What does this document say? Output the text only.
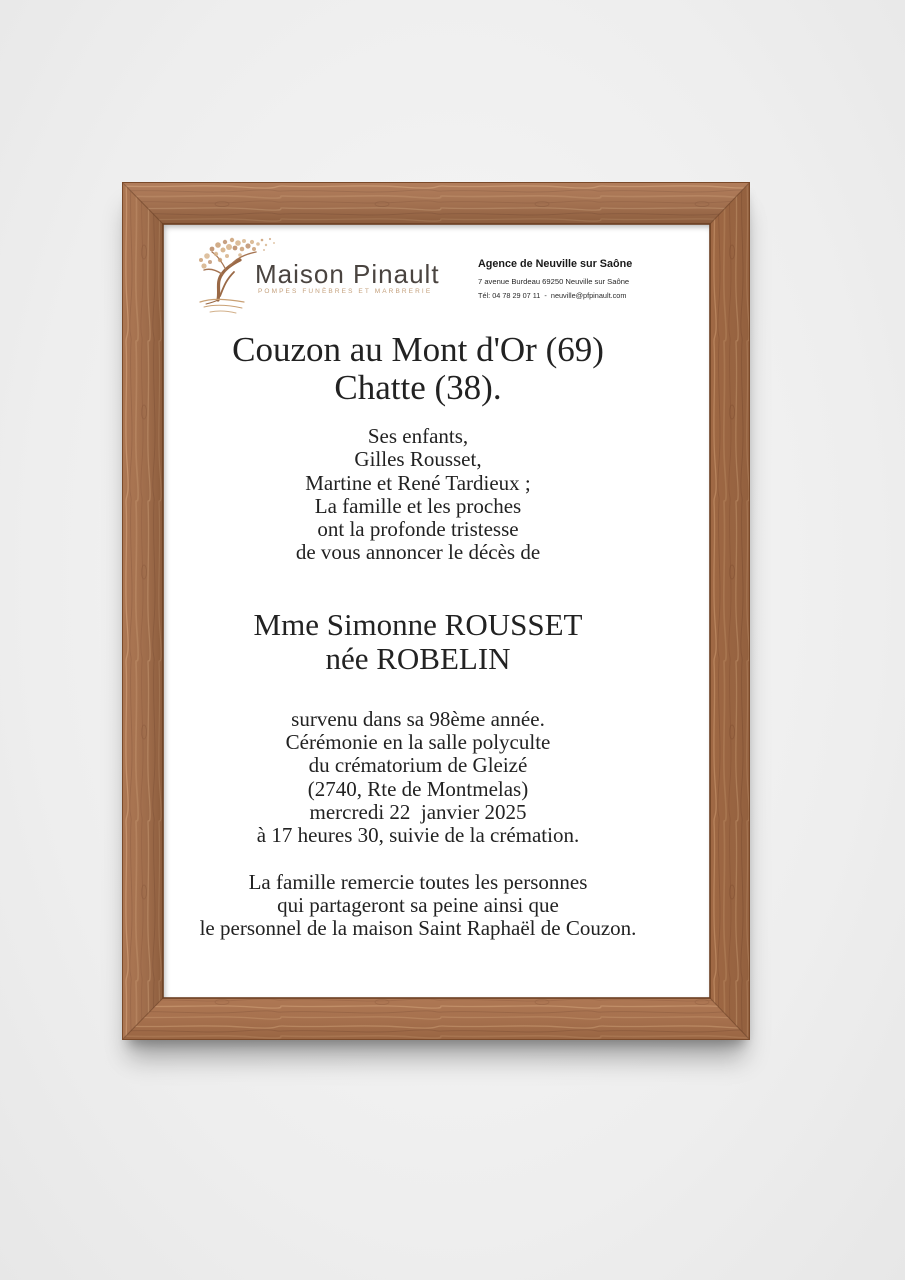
Maison Pinault
POMPES FUNÈBRES ET MARBRERIE
Agence de Neuville sur Saône
7 avenue Burdeau 69250 Neuville sur Saône
Tél: 04 78 29 07 11  -  neuville@pfpinault.com
Couzon au Mont d'Or (69)
Chatte (38).
Ses enfants,
Gilles Rousset,
Martine et René Tardieux ;
La famille et les proches
ont la profonde tristesse
de vous annoncer le décès de
Mme Simonne ROUSSET
née ROBELIN
survenu dans sa 98ème année.
Cérémonie en la salle polyculte
du crématorium de Gleizé
(2740, Rte de Montmelas)
mercredi 22  janvier 2025
à 17 heures 30, suivie de la crémation.
La famille remercie toutes les personnes
qui partageront sa peine ainsi que
le personnel de la maison Saint Raphaël de Couzon.
